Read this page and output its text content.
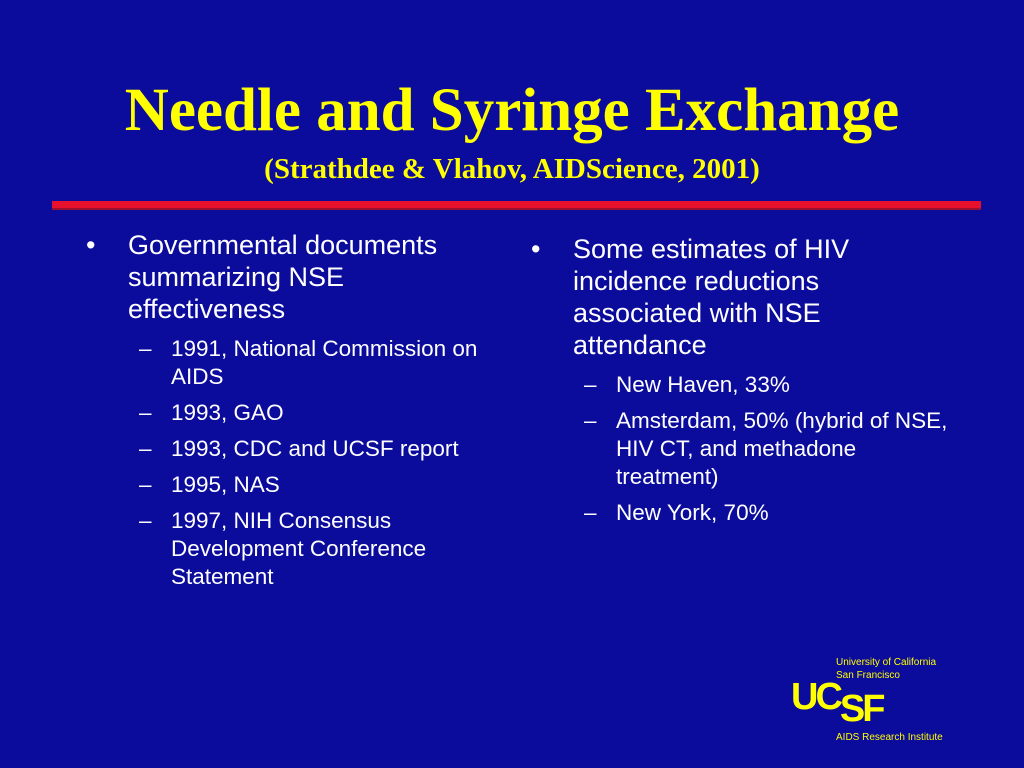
Needle and Syringe Exchange
(Strathdee & Vlahov, AIDScience, 2001)
•	Governmental documents summarizing NSE effectiveness
– 1991, National Commission on AIDS
– 1993, GAO
– 1993, CDC and UCSF report
– 1995, NAS
– 1997, NIH Consensus Development Conference Statement
•	Some estimates of HIV incidence reductions associated with NSE attendance
– New Haven, 33%
– Amsterdam, 50% (hybrid of NSE, HIV CT, and methadone treatment)
– New York, 70%
University of California
San Francisco
UCSF
AIDS Research Institute
